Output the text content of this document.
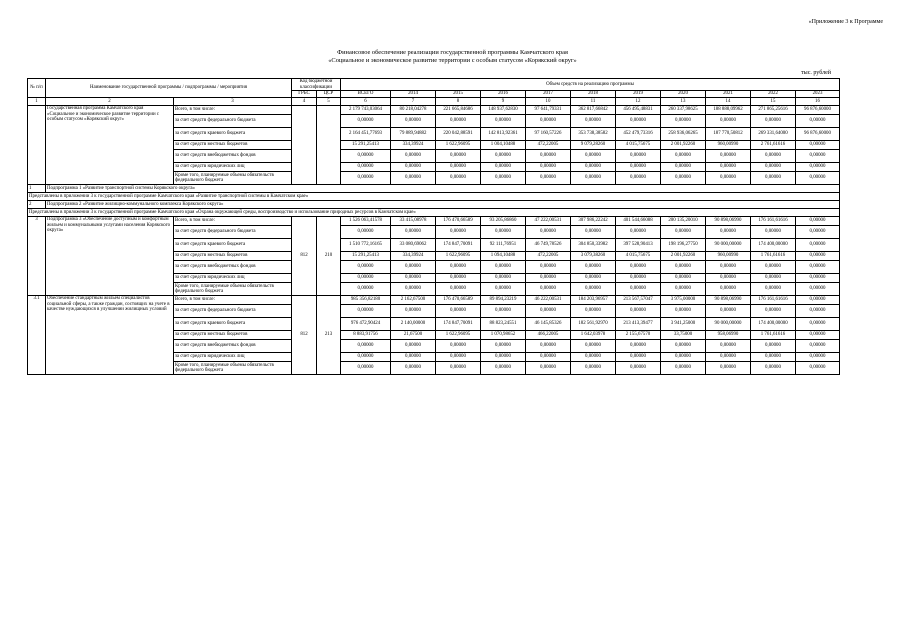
«Приложение 3 к Программе
Финансовое обеспечение реализации государственной программы Камчатского края
«Социальное и экономическое развитие территории с особым статусом «Корякский округ»
тыс. рублей
№ п/п	Наименование государственной программы / подпрограммы / мероприятия		Код бюджетной классификации		Объем средств на реализацию программы										
			ГРБС	ЦСР	ВСЕГО	2014	2015	2016	2017	2018	2019	2020	2021	2022	2023
1	2	3	4	5	6	7	8	9	10	11	12	13	14	15	16
	Государственная программа Камчатского края «Социальное и экономическое развитие территории с особым статусом «Корякский округ»	Всего, в том числе:			2 179 743,03064	80 218,04278	221 665,84686	148 937,62830	97 641,79331	362 817,66842	456 495,48831	260 337,98625	188 888,09962	271 865,25616	96 876,60000
		за счет средств федерального бюджета			0,00000	0,00000	0,00000	0,00000	0,00000	0,00000	0,00000	0,00000	0,00000	0,00000	0,00000
		за счет средств краевого бюджета			2 164 451,77693	79 889,94882	220 042,88591	142 813,92361	97 160,57226	353 738,38582	452 479,73316	258 936,06265	187 770,50812	269 331,64000	96 876,60000
		за счет средств местных бюджетов			15 291,25413	334,39924	1 622,96095	1 004,10488	472,22005	9 079,28260	4 015,75675	2 001,92260	960,00990	2 761,61616	0,00000
		за счет средств внебюджетных фондов			0,00000	0,00000	0,00000	0,00000	0,00000	0,00000	0,00000	0,00000	0,00000	0,00000	0,00000
		за счет средств юридических лиц			0,00000	0,00000	0,00000	0,00000	0,00000	0,00000	0,00000	0,00000	0,00000	0,00000	0,00000
		Кроме того, планируемые объемы обязательств федерального бюджета			0,00000	0,00000	0,00000	0,00000	0,00000	0,00000	0,00000	0,00000	0,00000	0,00000	0,00000
1	Подпрограмма 1 «Развитие транспортной системы Корякского округа»														
Представлены в приложении 3 к государственной программе Камчатского края «Развитие транспортной системы в Камчатском крае»															
2	Подпрограмма 2 «Развитие жилищно-коммунального комплекса Корякского округа»														
Представлены в приложении 3 к государственной программе Камчатского края «Охрана окружающей среды, воспроизводство и использование природных ресурсов в Камчатском крае»															
3	Подпрограмма 3 «Обеспечение доступным и комфортным жильем и коммунальными услугами населения Корякского округа»	Всего, в том числе:	812	210	1 526 063,41578	33 415,08978	176 470,66589	93 205,86860	47 222,00531	307 986,22242	401 544,66088	200 135,20010	90 898,06990	176 161,61616	0,00000
		за счет средств федерального бюджета			0,00000	0,00000	0,00000	0,00000	0,00000	0,00000	0,00000	0,00000	0,00000	0,00000	0,00000
		за счет средств краевого бюджета			1 510 772,16165	33 080,69062	174 847,70091	92 111,76951	46 749,78526	304 850,33982	397 528,90413	198 196,27750	90 000,00000	174 400,00000	0,00000
		за счет средств местных бюджетов			15 291,25413	334,39924	1 622,96095	1 094,10488	472,22005	3 079,38260	4 015,75675	2 001,92260	960,00990	1 761,61616	0,00000
		за счет средств внебюджетных фондов			0,00000	0,00000	0,00000	0,00000	0,00000	0,00000	0,00000	0,00000	0,00000	0,00000	0,00000
		за счет средств юридических лиц			0,00000	0,00000	0,00000	0,00000	0,00000	0,00000	0,00000	0,00000	0,00000	0,00000	0,00000
		Кроме того, планируемые объемы обязательств федерального бюджета			0,00000	0,00000	0,00000	0,00000	0,00000	0,00000	0,00000	0,00000	0,00000	0,00000	0,00000
3.1	Обеспечение стандартным жильем специалистов социальной сферы, а также граждан, состоящих на учете в качестве нуждающихся в улучшении жилищных условий	Всего, в том числе:	812	213	985 356,82180	2 162,67500	176 470,66589	89 894,23219	46 222,00531	184 203,96957	213 567,57047	3 975,00000	90 898,06990	176 161,61616	0,00000
		за счет средств федерального бюджета			0,00000	0,00000	0,00000	0,00000	0,00000	0,00000	0,00000	0,00000	0,00000	0,00000	0,00000
		за счет средств краевого бюджета			976 472,90424	2 140,00000	174 847,70091	88 823,24551	46 145,85326	182 561,92970	213 413,39477	3 941,25000	90 000,00000	174 400,00000	0,00000
		за счет средств местных бюджетов			8 883,91756	21,67500	1 622,96095	1 070,98652	466,22005	1 642,03978	2 155,67570	33,75000	958,06990	1 761,61616	0,00000
		за счет средств внебюджетных фондов			0,00000	0,00000	0,00000	0,00000	0,00000	0,00000	0,00000	0,00000	0,00000	0,00000	0,00000
		за счет средств юридических лиц			0,00000	0,00000	0,00000	0,00000	0,00000	0,00000	0,00000	0,00000	0,00000	0,00000	0,00000
		Кроме того, планируемые объемы обязательств федерального бюджета			0,00000	0,00000	0,00000	0,00000	0,00000	0,00000	0,00000	0,00000	0,00000	0,00000	0,00000
